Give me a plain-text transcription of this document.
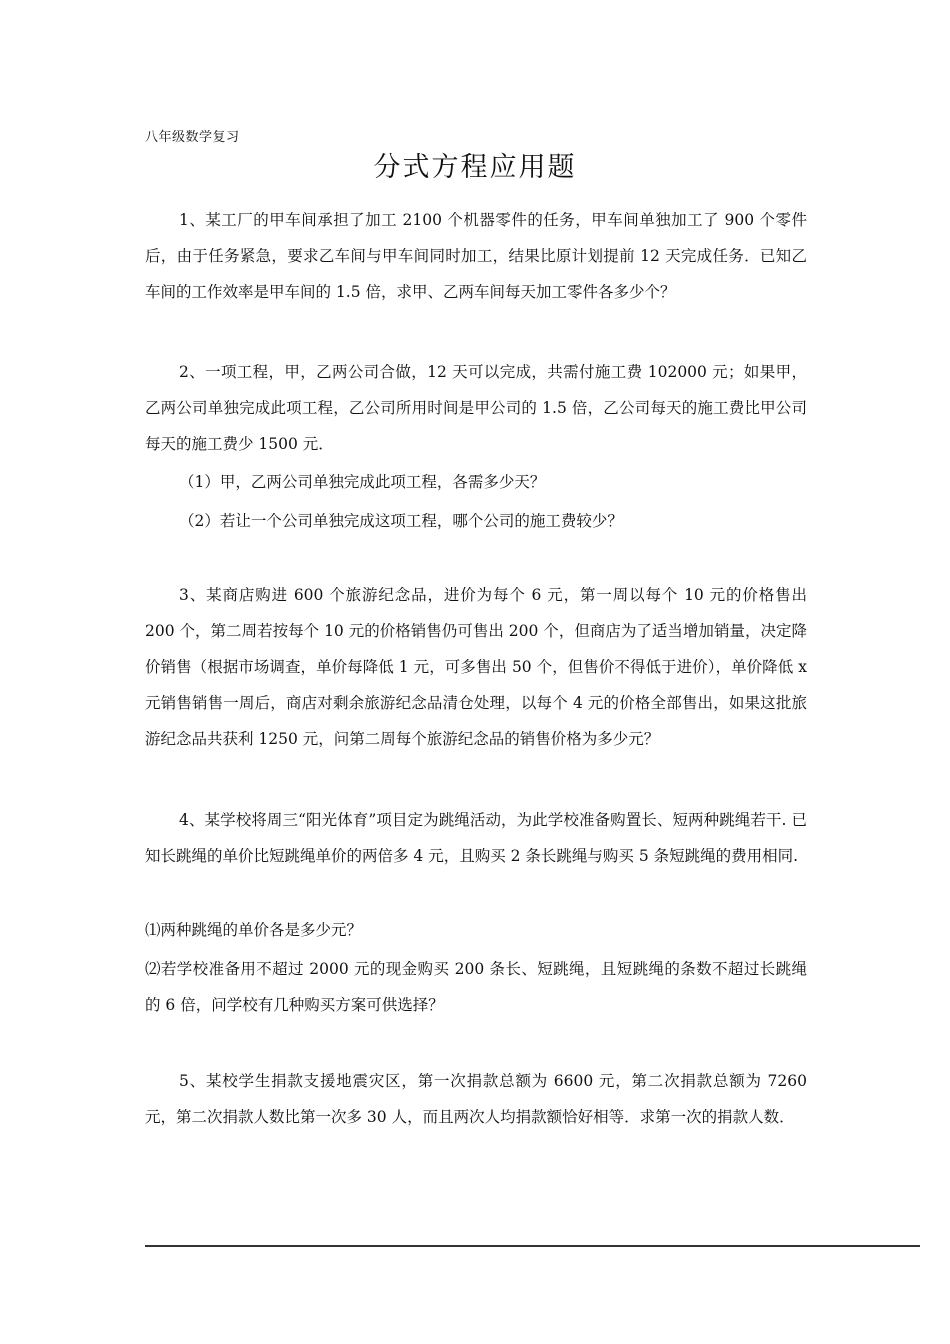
八年级数学复习
分式方程应用题

1、某工厂的甲车间承担了加工 2100 个机器零件的任务，甲车间单独加工了 900 个零件后，由于任务紧急，要求乙车间与甲车间同时加工，结果比原计划提前 12 天完成任务．已知乙车间的工作效率是甲车间的 1.5 倍，求甲、乙两车间每天加工零件各多少个？

2、一项工程，甲，乙两公司合做，12 天可以完成，共需付施工费 102000 元；如果甲，乙两公司单独完成此项工程，乙公司所用时间是甲公司的 1.5 倍，乙公司每天的施工费比甲公司每天的施工费少 1500 元．

（1）甲，乙两公司单独完成此项工程，各需多少天？

（2）若让一个公司单独完成这项工程，哪个公司的施工费较少？

3、某商店购进 600 个旅游纪念品，进价为每个 6 元，第一周以每个 10 元的价格售出 200 个，第二周若按每个 10 元的价格销售仍可售出 200 个，但商店为了适当增加销量，决定降价销售（根据市场调查，单价每降低 1 元，可多售出 50 个，但售价不得低于进价），单价降低 x 元销售销售一周后，商店对剩余旅游纪念品清仓处理，以每个 4 元的价格全部售出，如果这批旅游纪念品共获利 1250 元，问第二周每个旅游纪念品的销售价格为多少元？

4、某学校将周三“阳光体育”项目定为跳绳活动，为此学校准备购置长、短两种跳绳若干. 已知长跳绳的单价比短跳绳单价的两倍多 4 元，且购买 2 条长跳绳与购买 5 条短跳绳的费用相同.

⑴两种跳绳的单价各是多少元？

⑵若学校准备用不超过 2000 元的现金购买 200 条长、短跳绳，且短跳绳的条数不超过长跳绳的 6 倍，问学校有几种购买方案可供选择？

5、某校学生捐款支援地震灾区，第一次捐款总额为 6600 元，第二次捐款总额为 7260 元，第二次捐款人数比第一次多 30 人，而且两次人均捐款额恰好相等．求第一次的捐款人数．
